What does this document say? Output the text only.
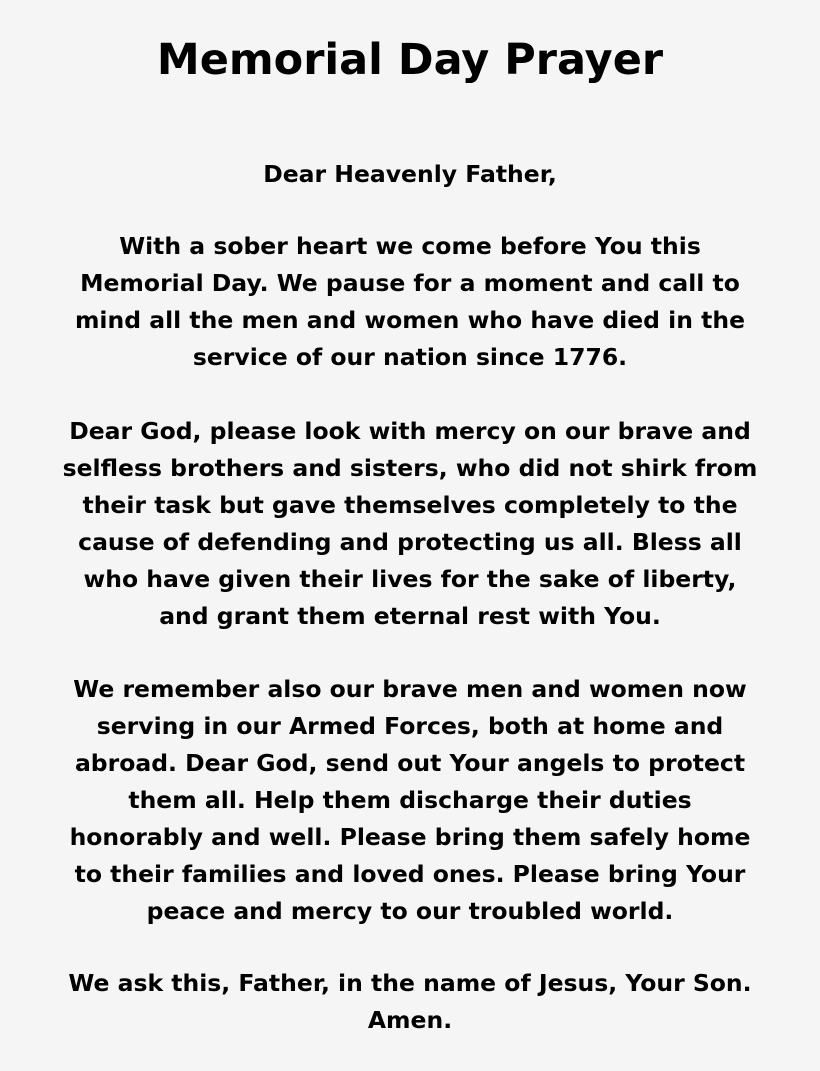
Memorial Day Prayer

Dear Heavenly Father,

With a sober heart we come before You this
Memorial Day. We pause for a moment and call to
mind all the men and women who have died in the
service of our nation since 1776.

Dear God, please look with mercy on our brave and
selfless brothers and sisters, who did not shirk from
their task but gave themselves completely to the
cause of defending and protecting us all. Bless all
who have given their lives for the sake of liberty,
and grant them eternal rest with You.

We remember also our brave men and women now
serving in our Armed Forces, both at home and
abroad. Dear God, send out Your angels to protect
them all. Help them discharge their duties
honorably and well. Please bring them safely home
to their families and loved ones. Please bring Your
peace and mercy to our troubled world.

We ask this, Father, in the name of Jesus, Your Son.
Amen.
